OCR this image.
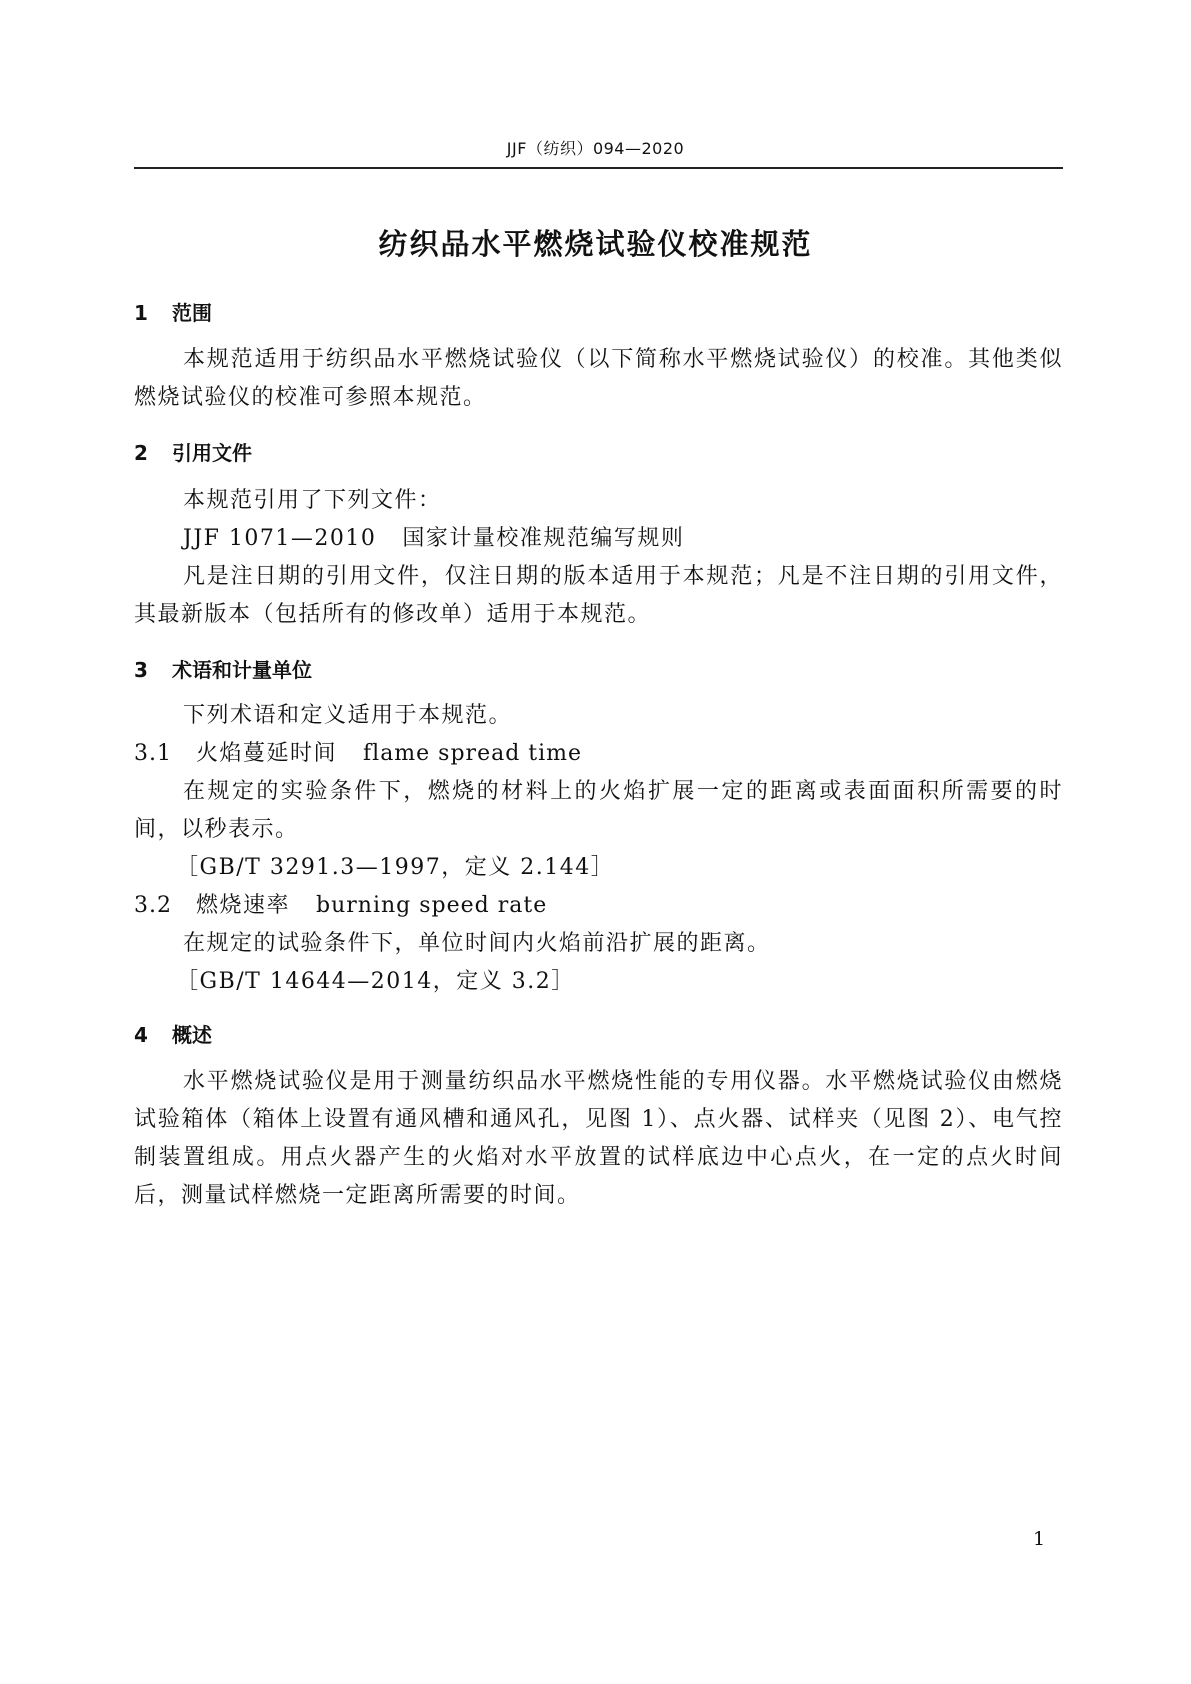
JJF（纺织）094—2020
纺织品水平燃烧试验仪校准规范
1 范围
本规范适用于纺织品水平燃烧试验仪（以下简称水平燃烧试验仪）的校准。其他类似燃烧试验仪的校准可参照本规范。
2 引用文件
本规范引用了下列文件：
JJF 1071—2010 国家计量校准规范编写规则
凡是注日期的引用文件，仅注日期的版本适用于本规范；凡是不注日期的引用文件，其最新版本（包括所有的修改单）适用于本规范。
3 术语和计量单位
下列术语和定义适用于本规范。
3.1 火焰蔓延时间 flame spread time
在规定的实验条件下，燃烧的材料上的火焰扩展一定的距离或表面面积所需要的时间，以秒表示。
［GB/T 3291.3—1997，定义 2.144］
3.2 燃烧速率 burning speed rate
在规定的试验条件下，单位时间内火焰前沿扩展的距离。
［GB/T 14644—2014，定义 3.2］
4 概述
水平燃烧试验仪是用于测量纺织品水平燃烧性能的专用仪器。水平燃烧试验仪由燃烧试验箱体（箱体上设置有通风槽和通风孔，见图 1）、点火器、试样夹（见图 2）、电气控制装置组成。用点火器产生的火焰对水平放置的试样底边中心点火，在一定的点火时间后，测量试样燃烧一定距离所需要的时间。
1
